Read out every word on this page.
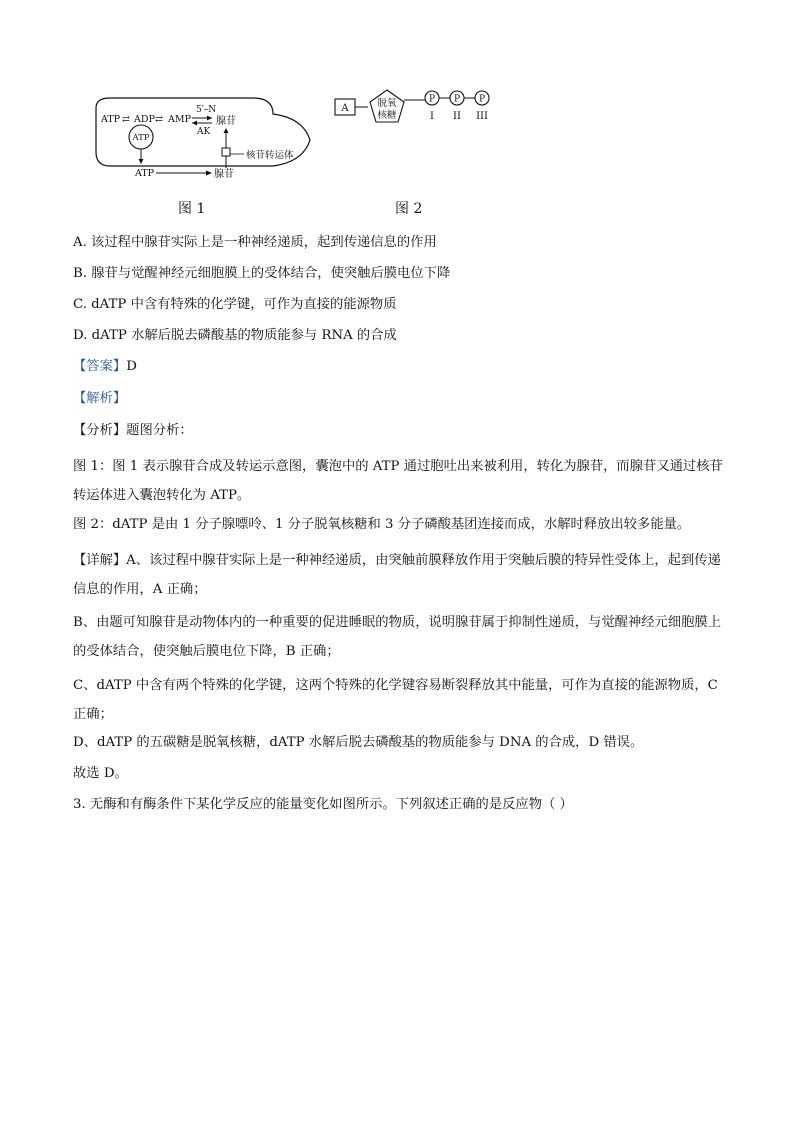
ATP ⇄ ADP ⇄ AMP
5′–N
AK
腺苷
ATP
核苷转运体
ATP	腺苷
图 1
A	脱氧
核糖
P P P
I II III
图 2
A. 该过程中腺苷实际上是一种神经递质，起到传递信息的作用
B. 腺苷与觉醒神经元细胞膜上的受体结合，使突触后膜电位下降
C. dATP 中含有特殊的化学键，可作为直接的能源物质
D. dATP 水解后脱去磷酸基的物质能参与 RNA 的合成
【答案】D
【解析】
【分析】题图分析：
图 1：图 1 表示腺苷合成及转运示意图，囊泡中的 ATP 通过胞吐出来被利用，转化为腺苷，而腺苷又通过核苷转运体进入囊泡转化为 ATP。
图 2：dATP 是由 1 分子腺嘌呤、1 分子脱氧核糖和 3 分子磷酸基团连接而成，水解时释放出较多能量。
【详解】A、该过程中腺苷实际上是一种神经递质，由突触前膜释放作用于突触后膜的特异性受体上，起到传递信息的作用，A 正确；
B、由题可知腺苷是动物体内的一种重要的促进睡眠的物质，说明腺苷属于抑制性递质，与觉醒神经元细胞膜上的受体结合，使突触后膜电位下降，B 正确；
C、dATP 中含有两个特殊的化学键，这两个特殊的化学键容易断裂释放其中能量，可作为直接的能源物质，C 正确；
D、dATP 的五碳糖是脱氧核糖，dATP 水解后脱去磷酸基的物质能参与 DNA 的合成，D 错误。
故选 D。
3. 无酶和有酶条件下某化学反应的能量变化如图所示。下列叙述正确的是反应物（ ）
